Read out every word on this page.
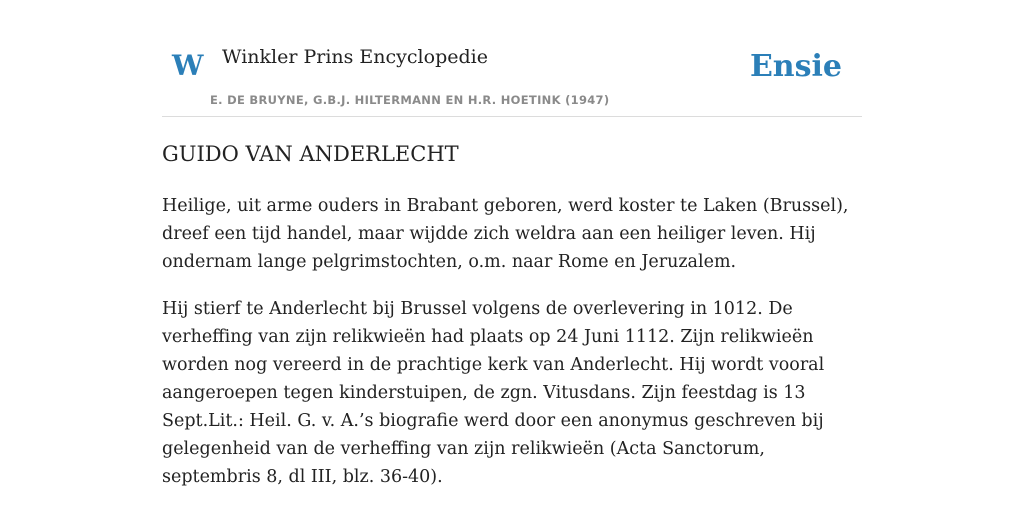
W Winkler Prins Encyclopedie
E. DE BRUYNE, G.B.J. HILTERMANN EN H.R. HOETINK (1947)
Ensie
GUIDO VAN ANDERLECHT

Heilige, uit arme ouders in Brabant geboren, werd koster te Laken (Brussel), dreef een tijd handel, maar wijdde zich weldra aan een heiliger leven. Hij ondernam lange pelgrimstochten, o.m. naar Rome en Jeruzalem.

Hij stierf te Anderlecht bij Brussel volgens de overlevering in 1012. De verheffing van zijn relikwieën had plaats op 24 Juni 1112. Zijn relikwieën worden nog vereerd in de prachtige kerk van Anderlecht. Hij wordt vooral aangeroepen tegen kinderstuipen, de zgn. Vitusdans. Zijn feestdag is 13 Sept.Lit.: Heil. G. v. A.’s biografie werd door een anonymus geschreven bij gelegenheid van de verheffing van zijn relikwieën (Acta Sanctorum, septembris 8, dl III, blz. 36-40).
